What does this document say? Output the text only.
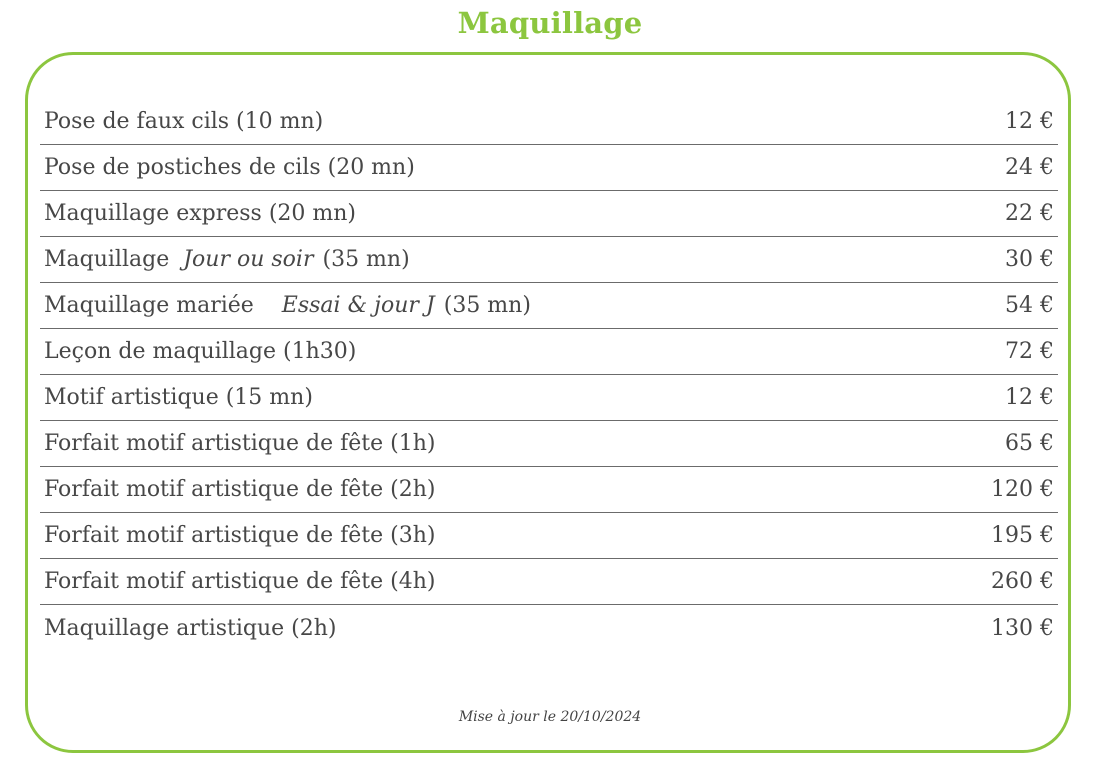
Maquillage
Pose de faux cils (10 mn)	12 €
Pose de postiches de cils (20 mn)	24 €
Maquillage express (20 mn)	22 €
Maquillage Jour ou soir (35 mn)	30 €
Maquillage mariée Essai & jour J (35 mn)	54 €
Leçon de maquillage (1h30)	72 €
Motif artistique (15 mn)	12 €
Forfait motif artistique de fête (1h)	65 €
Forfait motif artistique de fête (2h)	120 €
Forfait motif artistique de fête (3h)	195 €
Forfait motif artistique de fête (4h)	260 €
Maquillage artistique (2h)	130 €
Mise à jour le 20/10/2024
